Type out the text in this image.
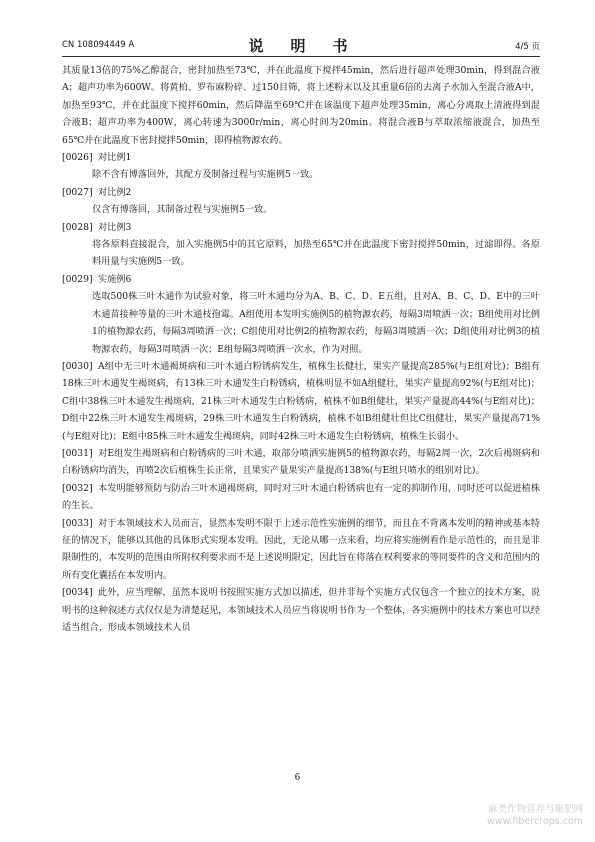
CN 108094449 A	说　明　书	4/5 页

其质量13倍的75%乙醇混合，密封加热至73℃，并在此温度下搅拌45min，然后进行超声处理30min，得到混合液A；超声功率为600W。将黄柏、罗布麻粉碎、过150目筛，将上述粉末以及其重量6倍的去离子水加入至混合液A中，加热至93℃，并在此温度下搅拌60min，然后降温至69℃并在该温度下超声处理35min，离心分离取上清液得到混合液B；超声功率为400W，离心转速为3000r/min，离心时间为20min。将混合液B与萃取浓缩液混合，加热至65℃并在此温度下密封搅拌50min，即得植物源农药。

[0026] 对比例1

除不含有博落回外，其配方及制备过程与实施例5一致。

[0027] 对比例2

仅含有博落回，其制备过程与实施例5一致。

[0028] 对比例3

将各原料直接混合，加入实施例5中的其它原料，加热至65℃并在此温度下密封搅拌50min，过滤即得。各原料用量与实施例5一致。

[0029] 实施例6

选取500株三叶木通作为试验对象，将三叶木通均分为A、B、C、D、E五组，且对A、B、C、D、E中的三叶木通苗接种等量的三叶木通枝孢霉。A组使用本发明实施例5的植物源农药，每隔3周喷洒一次；B组使用对比例1的植物源农药，每隔3周喷洒一次；C组使用对比例2的植物源农药，每隔3周喷洒一次；D组使用对比例3的植物源农药，每隔3周喷洒一次；E组每隔3周喷洒一次水，作为对照。

[0030] A组中无三叶木通褐斑病和三叶木通白粉锈病发生，植株生长健壮，果实产量提高285%(与E组对比)；B组有18株三叶木通发生褐斑病，有13株三叶木通发生白粉锈病，植株明显不如A组健壮，果实产量提高92%(与E组对比)；C组中38株三叶木通发生褐斑病，21株三叶木通发生白粉锈病，植株不如B组健壮，果实产量提高44%(与E组对比)；D组中22株三叶木通发生褐斑病，29株三叶木通发生白粉锈病，植株不如B组健壮但比C组健壮，果实产量提高71%(与E组对比)；E组中85株三叶木通发生褐斑病，同时42株三叶木通发生白粉锈病，植株生长弱小。

[0031] 对E组发生褐斑病和白粉锈病的三叶木通，取部分喷洒实施例5的植物源农药，每隔2周一次，2次后褐斑病和白粉锈病均消失，再喷2次后植株生长正常，且果实产量果实产量提高138%(与E组只喷水的组别对比)。

[0032] 本发明能够预防与防治三叶木通褐斑病，同时对三叶木通白粉锈病也有一定的抑制作用，同时还可以促进植株的生长。

[0033] 对于本领域技术人员而言，显然本发明不限于上述示范性实施例的细节，而且在不背离本发明的精神或基本特征的情况下，能够以其他的具体形式实现本发明。因此，无论从哪一点来看，均应将实施例看作是示范性的，而且是非限制性的，本发明的范围由所附权利要求而不是上述说明限定，因此旨在将落在权利要求的等同要件的含义和范围内的所有变化囊括在本发明内。

[0034] 此外，应当理解，虽然本说明书按照实施方式加以描述，但并非每个实施方式仅包含一个独立的技术方案，说明书的这种叙述方式仅仅是为清楚起见，本领域技术人员应当将说明书作为一个整体，各实施例中的技术方案也可以经适当组合，形成本领域技术人员

6
麻类作物营养与施肥网
www.fibercrops.com
